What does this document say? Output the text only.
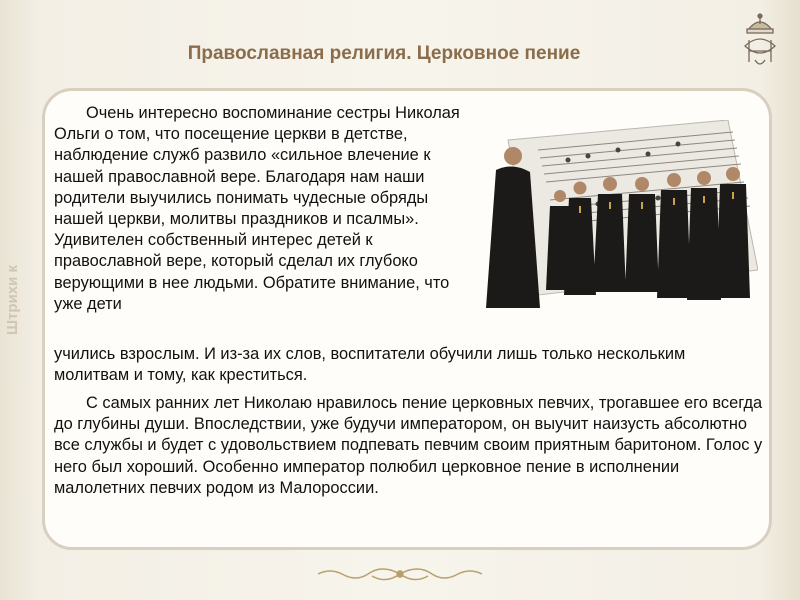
Православная религия. Церковное пение
Очень интересно воспоминание сестры Николая Ольги о том, что посещение церкви в детстве, наблюдение служб развило «сильное влечение к нашей православной вере. Благодаря нам наши родители выучились понимать чудесные обряды нашей церкви, молитвы праздников и псалмы». Удивителен собственный интерес детей к православной вере, который сделал их глубоко верующими в нее людьми. Обратите внимание, что уже дети
учились взрослым. И из-за их слов, воспитатели обучили лишь только нескольким молитвам и тому, как креститься.
С самых ранних лет Николаю нравилось пение церковных певчих, трогавшее его всегда до глубины души. Впоследствии, уже будучи императором, он выучит наизусть абсолютно все службы и будет с удовольствием подпевать певчим своим приятным баритоном. Голос у него был хороший. Особенно император полюбил церковное пение в исполнении малолетних певчих родом из Малороссии.
